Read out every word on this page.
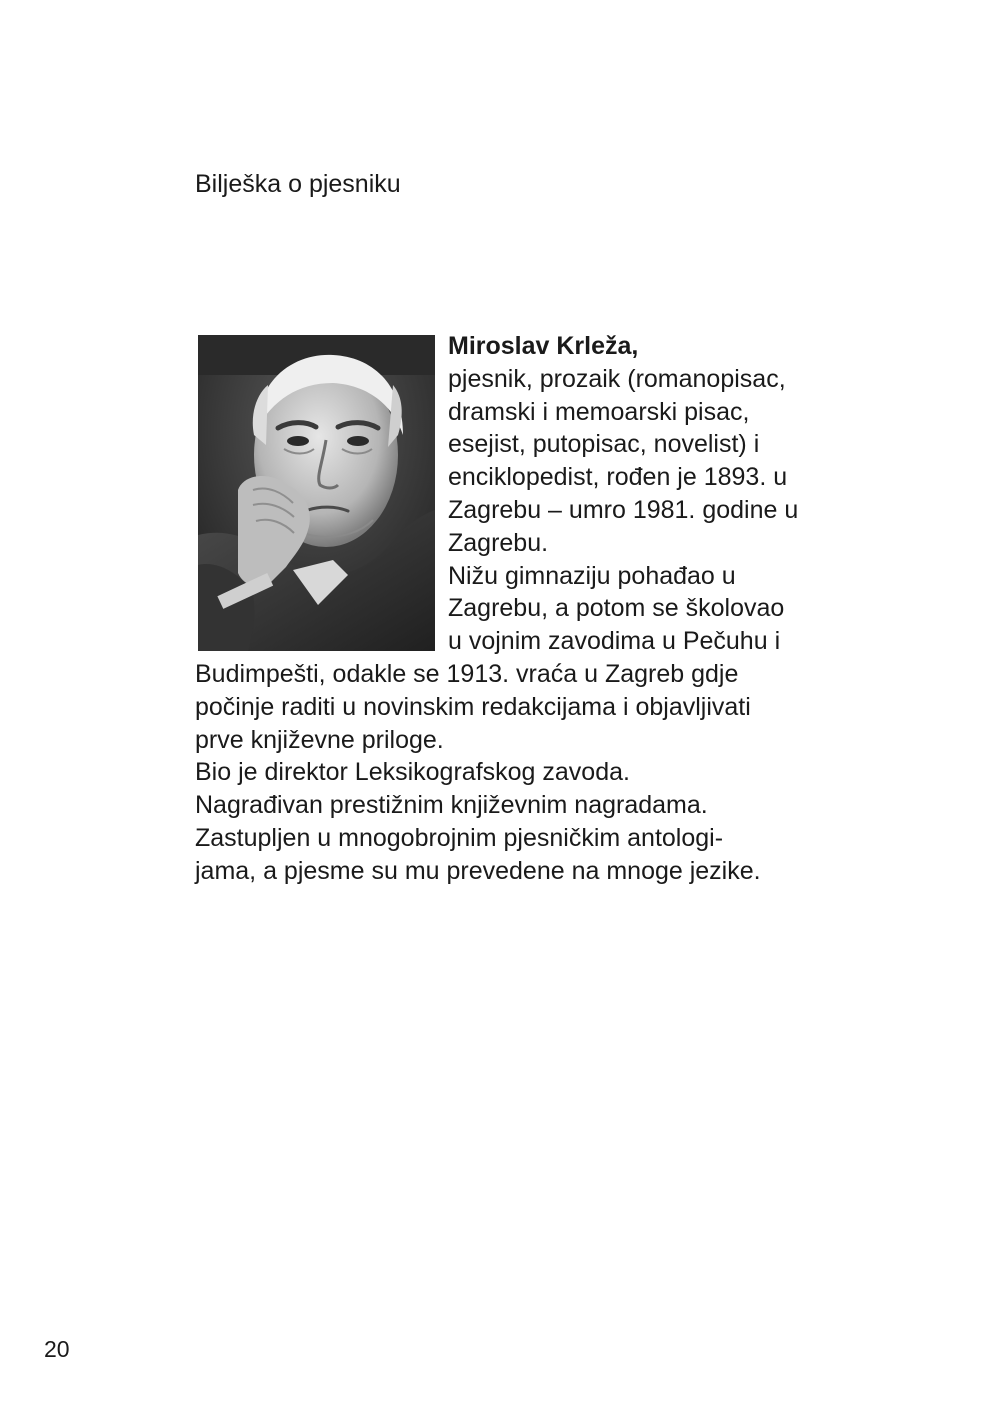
Bilješka o pjesniku
Miroslav Krleža,
pjesnik, prozaik (romanopisac,
dramski i memoarski pisac,
esejist, putopisac, novelist) i
enciklopedist, rođen je 1893. u
Zagrebu – umro 1981. godine u
Zagrebu.
Nižu gimnaziju pohađao u
Zagrebu, a potom se školovao
u vojnim zavodima u Pečuhu i
Budimpešti, odakle se 1913. vraća u Zagreb gdje
počinje raditi u novinskim redakcijama i objavljivati
prve književne priloge.
Bio je direktor Leksikografskog zavoda.
Nagrađivan prestižnim književnim nagradama.
Zastupljen u mnogobrojnim pjesničkim antologi-
jama, a pjesme su mu prevedene na mnoge jezike.

20
